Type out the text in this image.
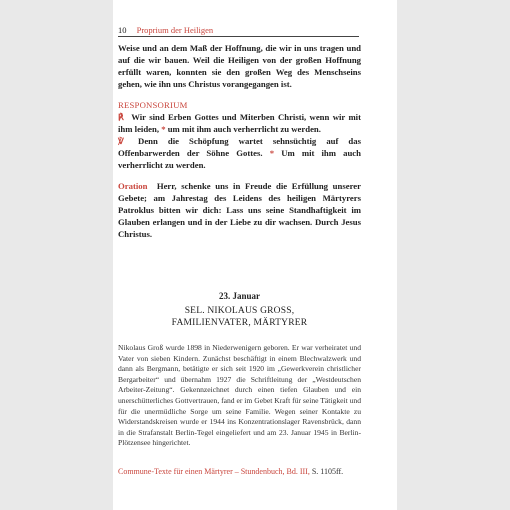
10 Proprium der Heiligen
Weise und an dem Maß der Hoffnung, die wir in uns tragen und auf die wir bauen. Weil die Heiligen von der großen Hoffnung erfüllt waren, konnten sie den großen Weg des Menschseins gehen, wie ihn uns Christus vorangegangen ist.
RESPONSORIUM
℟ Wir sind Erben Gottes und Miterben Christi, wenn wir mit ihm leiden, * um mit ihm auch verherrlicht zu werden.
℣ Denn die Schöpfung wartet sehnsüchtig auf das Offenbarwerden der Söhne Gottes. * Um mit ihm auch verherrlicht zu werden.
Oration Herr, schenke uns in Freude die Erfüllung unserer Gebete; am Jahrestag des Leidens des heiligen Märtyrers Patroklus bitten wir dich: Lass uns seine Standhaftigkeit im Glauben erlangen und in der Liebe zu dir wachsen. Durch Jesus Christus.
23. Januar
SEL. NIKOLAUS GROSS,
FAMILIENVATER, MÄRTYRER
Nikolaus Groß wurde 1898 in Niederwenigern geboren. Er war verheiratet und Vater von sieben Kindern. Zunächst beschäftigt in einem Blechwalzwerk und dann als Bergmann, betätigte er sich seit 1920 im „Gewerkverein christlicher Bergarbeiter“ und übernahm 1927 die Schriftleitung der „Westdeutschen Arbeiter-Zeitung“. Gekennzeichnet durch einen tiefen Glauben und ein unerschütterliches Gottvertrauen, fand er im Gebet Kraft für seine Tätigkeit und für die unermüdliche Sorge um seine Familie. Wegen seiner Kontakte zu Widerstandskreisen wurde er 1944 ins Konzentrationslager Ravensbrück, dann in die Strafanstalt Berlin-Tegel eingeliefert und am 23. Januar 1945 in Berlin-Plötzensee hingerichtet.
Commune-Texte für einen Märtyrer – Stundenbuch, Bd. III, S. 1105ff.
